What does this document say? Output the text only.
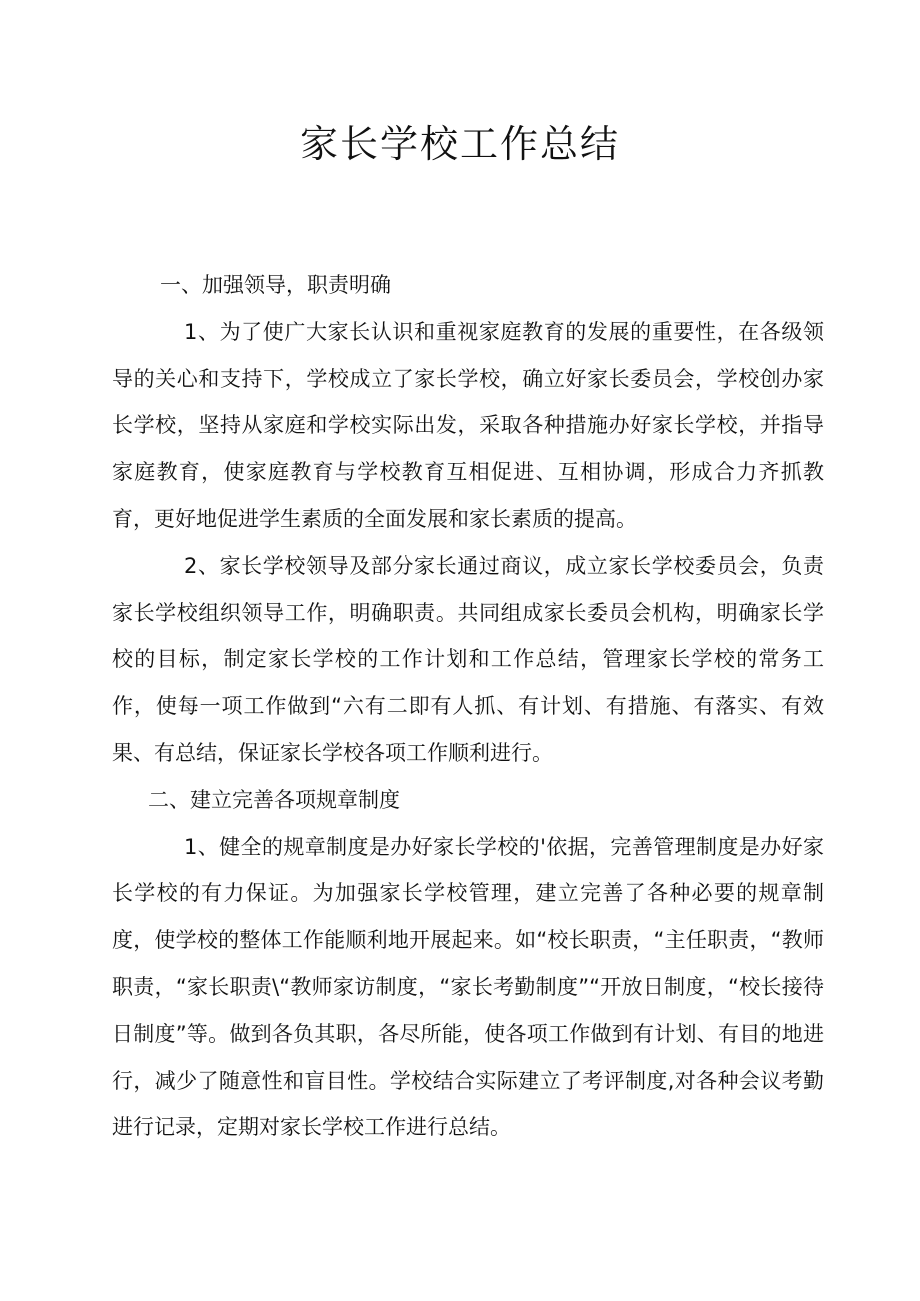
家长学校工作总结
一、加强领导，职责明确

1、为了使广大家长认识和重视家庭教育的发展的重要性，在各级领导的关心和支持下，学校成立了家长学校，确立好家长委员会，学校创办家长学校，坚持从家庭和学校实际出发，采取各种措施办好家长学校，并指导家庭教育，使家庭教育与学校教育互相促进、互相协调，形成合力齐抓教育，更好地促进学生素质的全面发展和家长素质的提高。

2、家长学校领导及部分家长通过商议，成立家长学校委员会，负责家长学校组织领导工作，明确职责。共同组成家长委员会机构，明确家长学校的目标，制定家长学校的工作计划和工作总结，管理家长学校的常务工作，使每一项工作做到“六有二即有人抓、有计划、有措施、有落实、有效果、有总结，保证家长学校各项工作顺利进行。

二、建立完善各项规章制度

1、健全的规章制度是办好家长学校的'依据，完善管理制度是办好家长学校的有力保证。为加强家长学校管理，建立完善了各种必要的规章制度，使学校的整体工作能顺利地开展起来。如“校长职责，“主任职责，“教师职责，“家长职责\“教师家访制度，“家长考勤制度”“开放日制度，“校长接待日制度”等。做到各负其职，各尽所能，使各项工作做到有计划、有目的地进行，减少了随意性和盲目性。学校结合实际建立了考评制度,对各种会议考勤进行记录，定期对家长学校工作进行总结。
